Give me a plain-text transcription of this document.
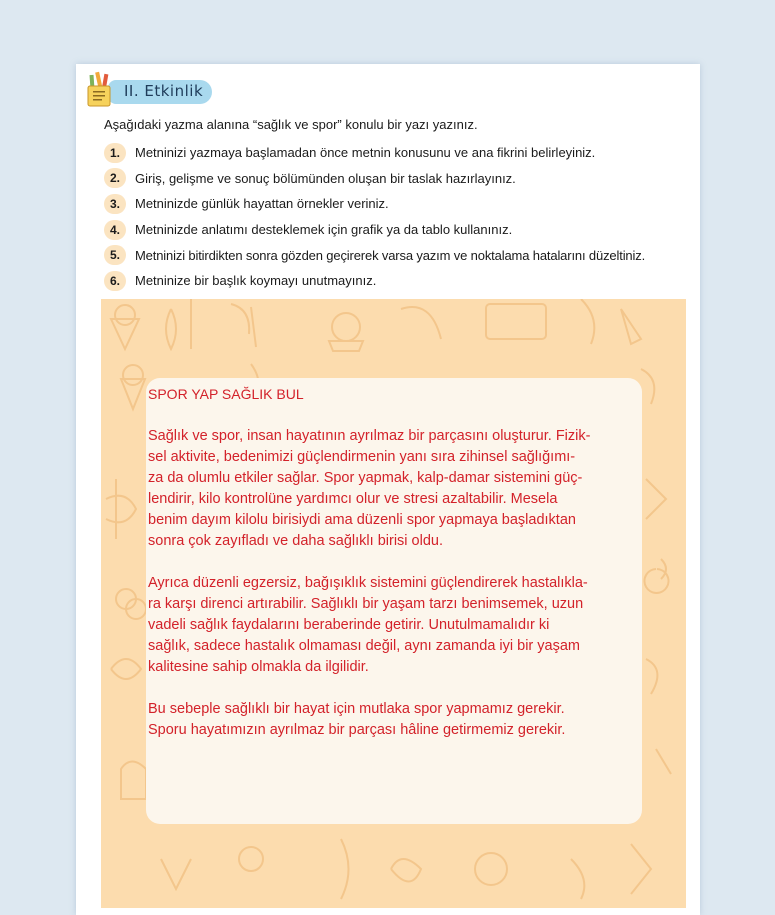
II. Etkinlik
Aşağıdaki yazma alanına “sağlık ve spor” konulu bir yazı yazınız.
1.	Metninizi yazmaya başlamadan önce metnin konusunu ve ana fikrini belirleyiniz.
2.	Giriş, gelişme ve sonuç bölümünden oluşan bir taslak hazırlayınız.
3.	Metninizde günlük hayattan örnekler veriniz.
4.	Metninizde anlatımı desteklemek için grafik ya da tablo kullanınız.
5.	Metninizi bitirdikten sonra gözden geçirerek varsa yazım ve noktalama hatalarını düzeltiniz.
6.	Metninize bir başlık koymayı unutmayınız.
SPOR YAP SAĞLIK BUL

Sağlık ve spor, insan hayatının ayrılmaz bir parçasını oluşturur. Fizik-
sel aktivite, bedenimizi güçlendirmenin yanı sıra zihinsel sağlığımı-
za da olumlu etkiler sağlar. Spor yapmak, kalp-damar sistemini güç-
lendirir, kilo kontrolüne yardımcı olur ve stresi azaltabilir. Mesela
benim dayım kilolu birisiydi ama düzenli spor yapmaya başladıktan
sonra çok zayıfladı ve daha sağlıklı birisi oldu.

Ayrıca düzenli egzersiz, bağışıklık sistemini güçlendirerek hastalıkla-
ra karşı direnci artırabilir. Sağlıklı bir yaşam tarzı benimsemek, uzun
vadeli sağlık faydalarını beraberinde getirir. Unutulmamalıdır ki
sağlık, sadece hastalık olmaması değil, aynı zamanda iyi bir yaşam
kalitesine sahip olmakla da ilgilidir.

Bu sebeple sağlıklı bir hayat için mutlaka spor yapmamız gerekir.
Sporu hayatımızın ayrılmaz bir parçası hâline getirmemiz gerekir.
